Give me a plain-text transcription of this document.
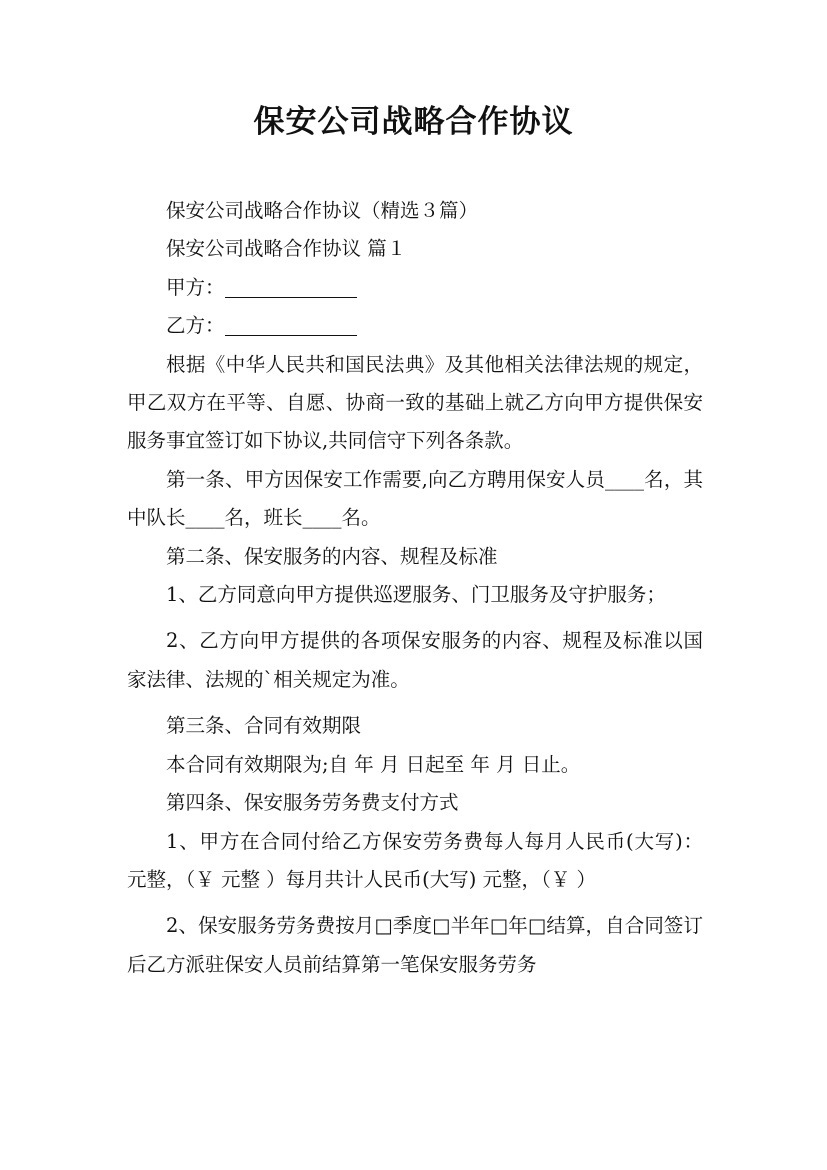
保安公司战略合作协议

保安公司战略合作协议（精选３篇）

保安公司战略合作协议 篇１

甲方：

乙方：

根据《中华人民共和国民法典》及其他相关法律法规的规定，甲乙双方在平等、自愿、协商一致的基础上就乙方向甲方提供保安服务事宜签订如下协议,共同信守下列各条款。

第一条、甲方因保安工作需要,向乙方聘用保安人员____名，其中队长____名，班长____名。

第二条、保安服务的内容、规程及标准

1、乙方同意向甲方提供巡逻服务、门卫服务及守护服务；

2、乙方向甲方提供的各项保安服务的内容、规程及标准以国家法律、法规的`相关规定为准。

第三条、合同有效期限

本合同有效期限为;自 年 月 日起至 年 月 日止。

第四条、保安服务劳务费支付方式

1、甲方在合同付给乙方保安劳务费每人每月人民币(大写)： 元整，（￥ 元整 ）每月共计人民币(大写) 元整，（￥ ）

2、保安服务劳务费按月□季度□半年□年□结算，自合同签订后乙方派驻保安人员前结算第一笔保安服务劳务
